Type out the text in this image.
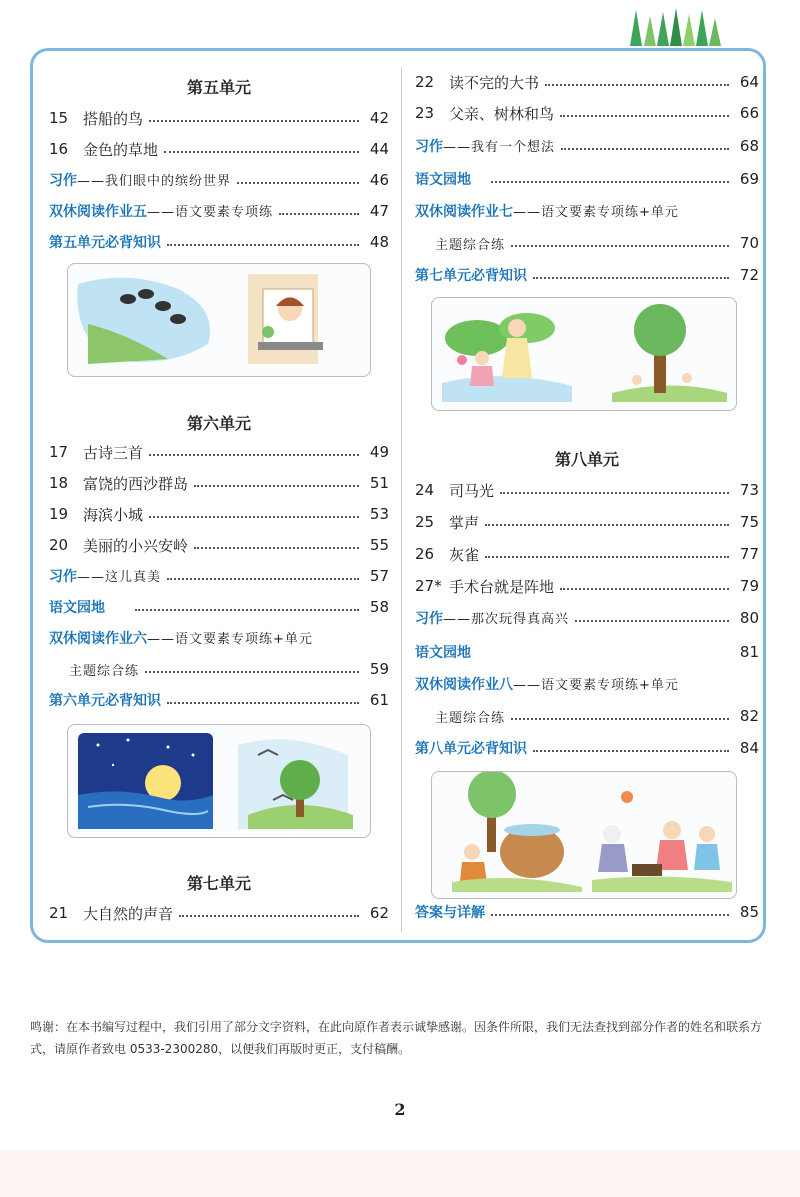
第五单元
15 搭船的鸟	42
16 金色的草地	44
习作——我们眼中的缤纷世界	46
双休阅读作业五——语文要素专项练	47
第五单元必背知识	48
第六单元
17 古诗三首	49
18 富饶的西沙群岛	51
19 海滨小城	53
20 美丽的小兴安岭	55
习作——这儿真美	57
语文园地	58
双休阅读作业六——语文要素专项练+单元
主题综合练	59
第六单元必背知识	61
第七单元
21 大自然的声音	62
22 读不完的大书	64
23 父亲、树林和鸟	66
习作——我有一个想法	68
语文园地	69
双休阅读作业七——语文要素专项练+单元
主题综合练	70
第七单元必背知识	72
第八单元
24 司马光	73
25 掌声	75
26 灰雀	77
27* 手术台就是阵地	79
习作——那次玩得真高兴	80
语文园地	81
双休阅读作业八——语文要素专项练+单元
主题综合练	82
第八单元必背知识	84
答案与详解	85
鸣谢：在本书编写过程中，我们引用了部分文字资料，在此向原作者表示诚挚感谢。因条件所限，我们无法查找到部分作者的姓名和联系方式，请原作者致电 0533-2300280，以便我们再版时更正，支付稿酬。
2
